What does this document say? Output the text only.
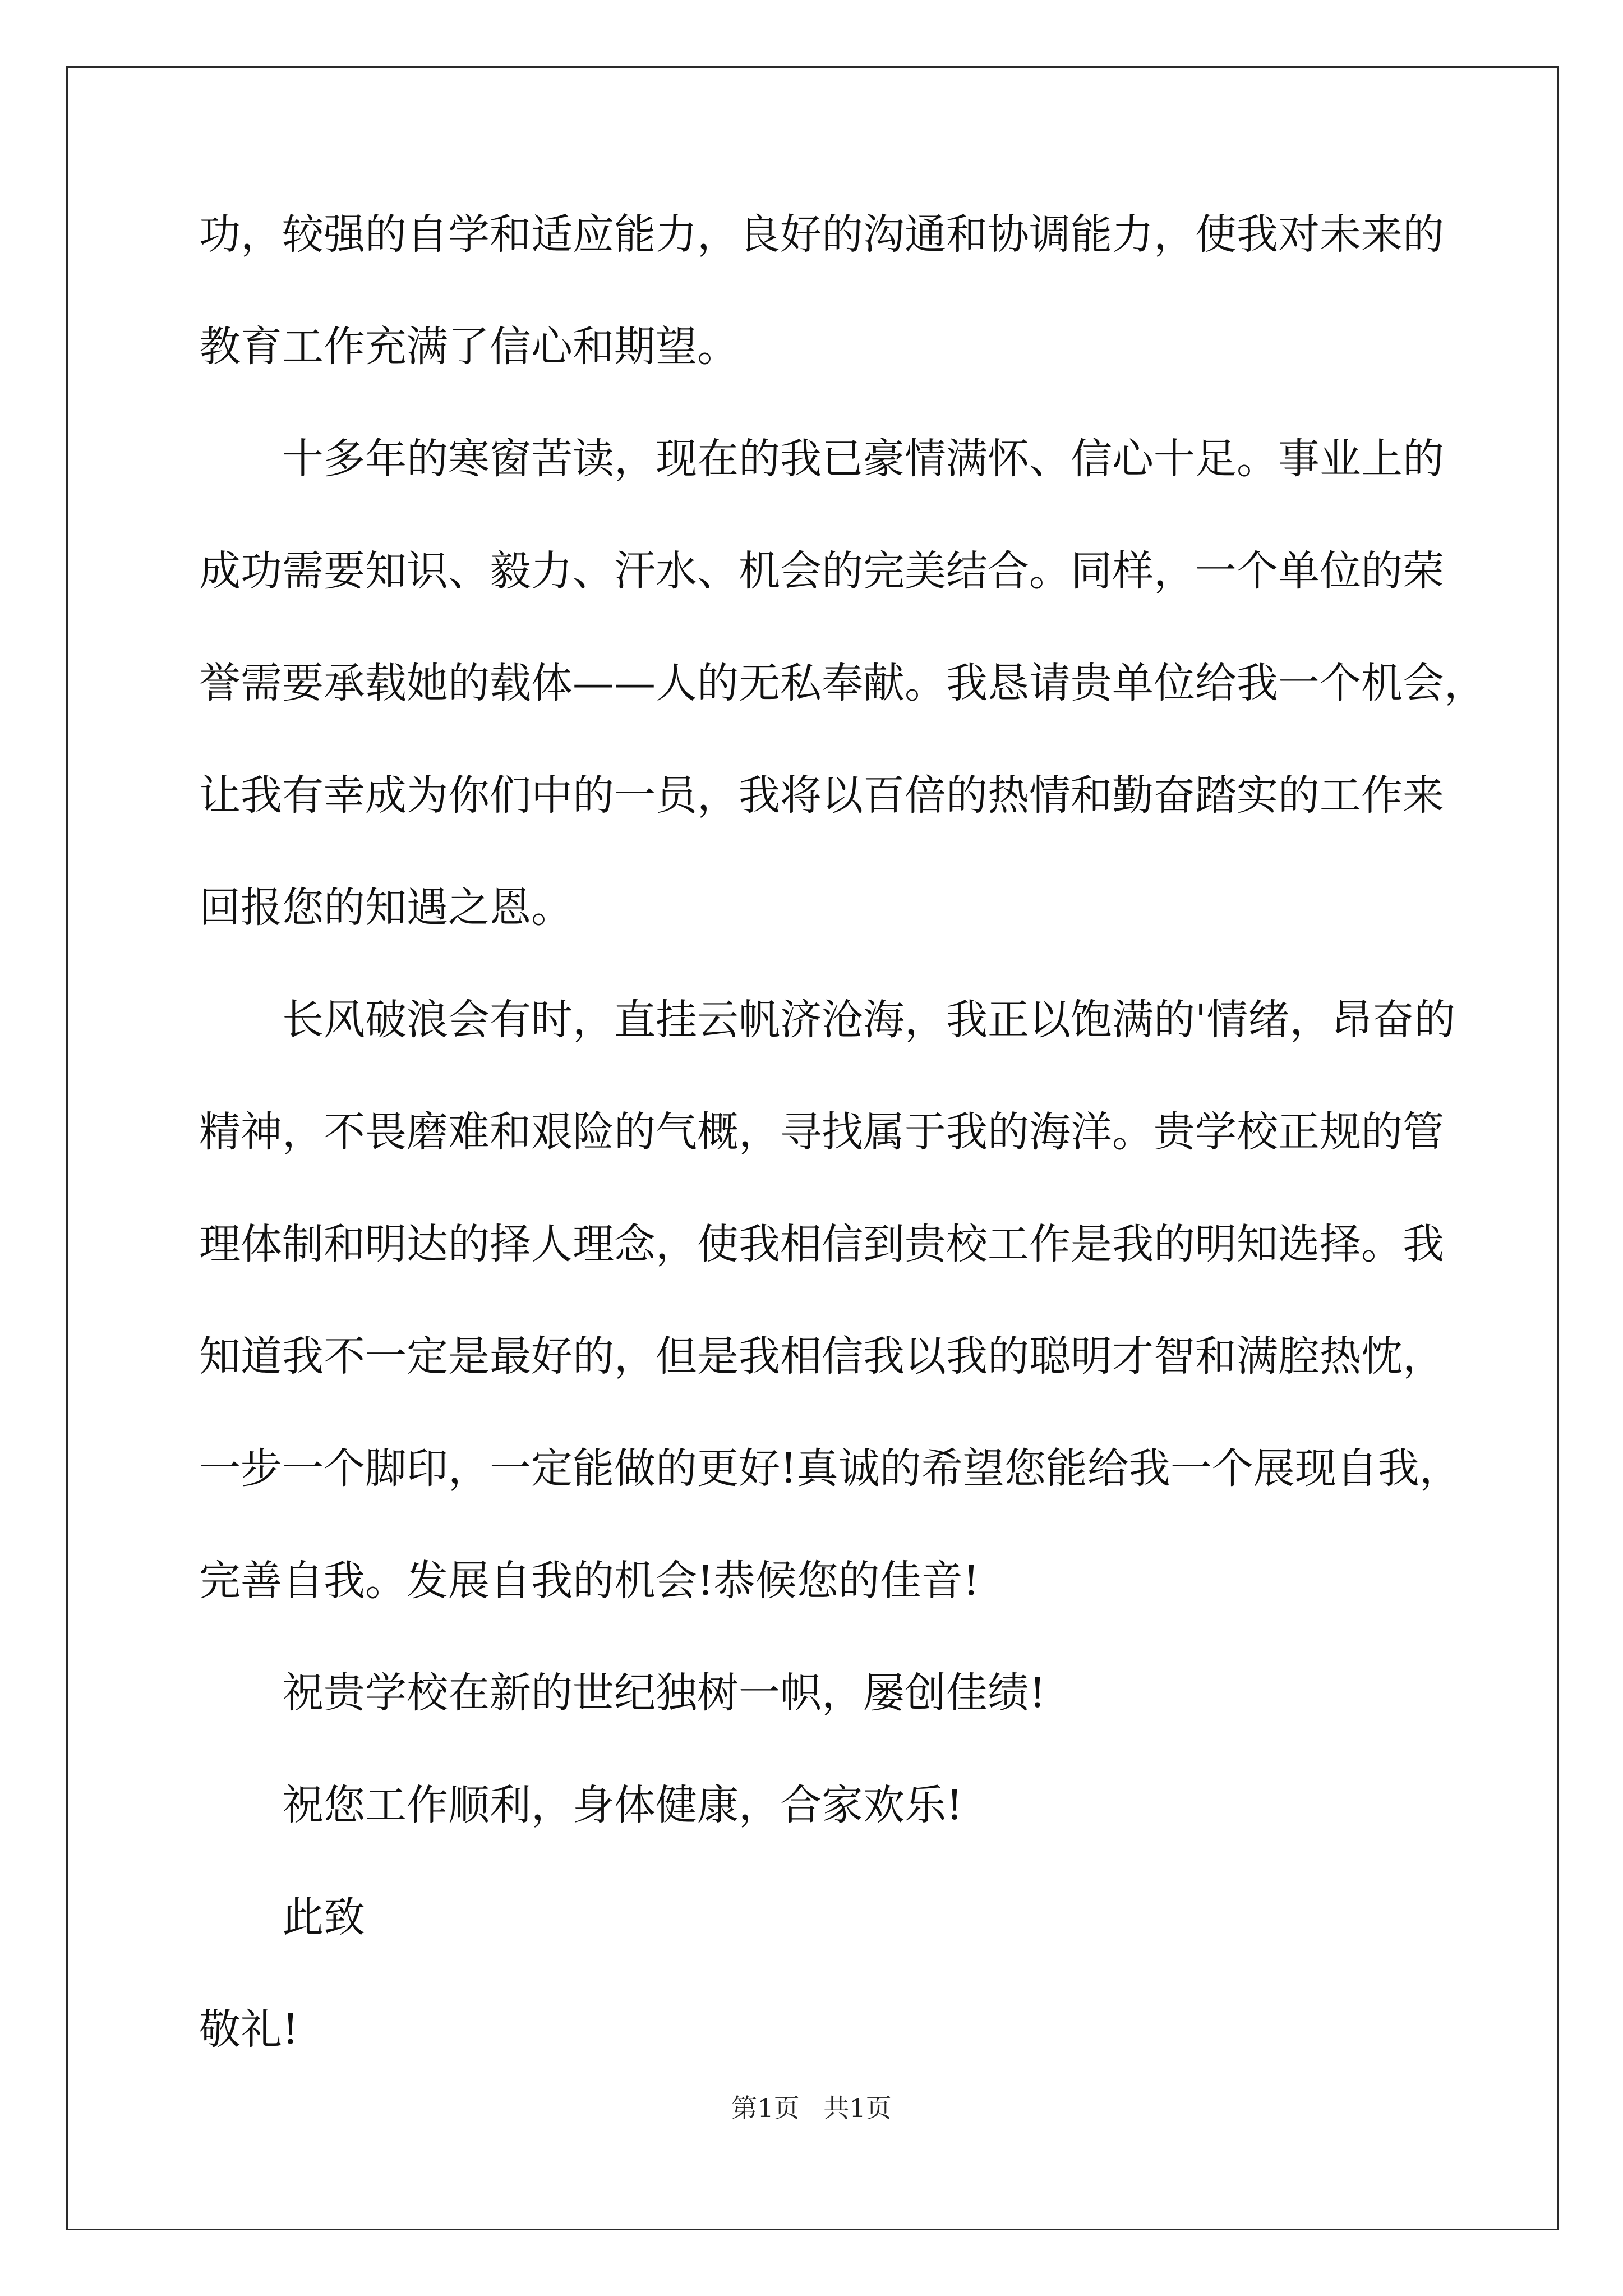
功，较强的自学和适应能力，良好的沟通和协调能力，使我对未来的
教育工作充满了信心和期望。
十多年的寒窗苦读，现在的我已豪情满怀、信心十足。事业上的
成功需要知识、毅力、汗水、机会的完美结合。同样，一个单位的荣
誉需要承载她的载体——人的无私奉献。我恳请贵单位给我一个机会，
让我有幸成为你们中的一员，我将以百倍的热情和勤奋踏实的工作来
回报您的知遇之恩。
长风破浪会有时，直挂云帆济沧海，我正以饱满的'情绪，昂奋的
精神，不畏磨难和艰险的气概，寻找属于我的海洋。贵学校正规的管
理体制和明达的择人理念，使我相信到贵校工作是我的明知选择。我
知道我不一定是最好的，但是我相信我以我的聪明才智和满腔热忱，
一步一个脚印，一定能做的更好!真诚的希望您能给我一个展现自我，
完善自我。发展自我的机会!恭候您的佳音!
祝贵学校在新的世纪独树一帜，屡创佳绩!
祝您工作顺利，身体健康，合家欢乐!
此致
敬礼!
第1页 共1页
